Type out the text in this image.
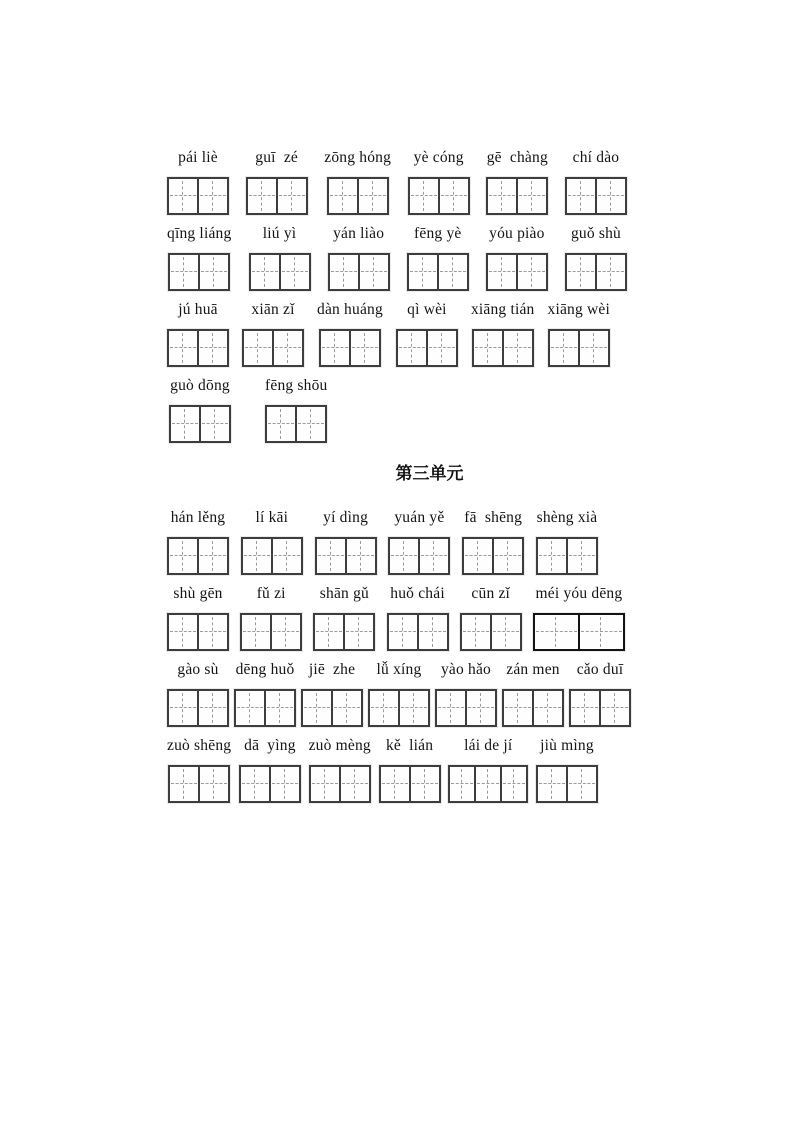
pái liè guī  zé zōng hóng yè cóng gē  chàng chí dào
qīng liáng liú yì yán liào fēng yè yóu piào guǒ shù
jú huā xiān zǐ dàn huáng qì wèi xiāng tián xiāng wèi
guò dōng fēng shōu
第三单元
hán lěng lí kāi yí dìng yuán yě fā  shēng shèng xià
shù gēn fǔ zi shān gǔ huǒ chái cūn zǐ méi yóu dēng
gào sù dēng huǒ jiē  zhe lǚ xíng yào hǎo zán men cǎo duī
zuò shēng dā  yìng zuò mèng kě  lián lái de jí jiù mìng
